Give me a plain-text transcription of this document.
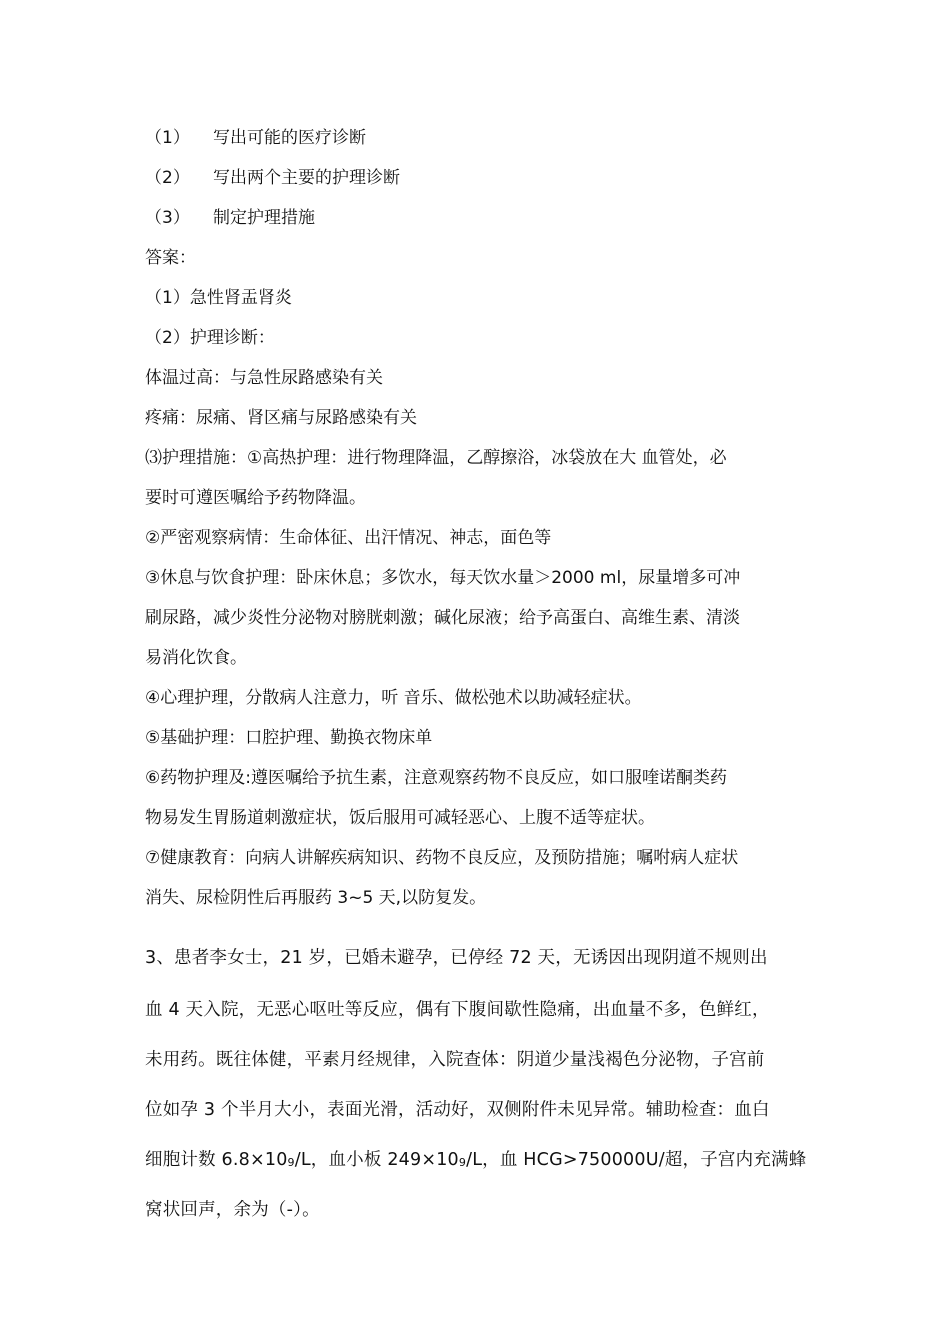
（1） 写出可能的医疗诊断
（2） 写出两个主要的护理诊断
（3） 制定护理措施
答案：
（1）急性肾盂肾炎
（2）护理诊断：
体温过高：与急性尿路感染有关
疼痛：尿痛、肾区痛与尿路感染有关
⑶护理措施：①高热护理：进行物理降温，乙醇擦浴，冰袋放在大 血管处，必
要时可遵医嘱给予药物降温。
②严密观察病情：生命体征、出汗情况、神志，面色等
③休息与饮食护理：卧床休息；多饮水，每天饮水量＞2000 ml，尿量增多可冲
刷尿路，减少炎性分泌物对膀胱刺激；碱化尿液；给予高蛋白、高维生素、清淡
易消化饮食。
④心理护理，分散病人注意力，听 音乐、做松弛术以助减轻症状。
⑤基础护理：口腔护理、勤换衣物床单
⑥药物护理及:遵医嘱给予抗生素，注意观察药物不良反应，如口服喹诺酮类药
物易发生胃肠道刺激症状，饭后服用可减轻恶心、上腹不适等症状。
⑦健康教育：向病人讲解疾病知识、药物不良反应，及预防措施；嘱咐病人症状
消失、尿检阴性后再服药 3~5 天,以防复发。
3、患者李女士，21 岁，已婚未避孕，已停经 72 天，无诱因出现阴道不规则出
血 4 天入院，无恶心呕吐等反应，偶有下腹间歇性隐痛，出血量不多，色鲜红，
未用药。既往体健，平素月经规律，入院查体：阴道少量浅褐色分泌物，子宫前
位如孕 3 个半月大小，表面光滑，活动好，双侧附件未见异常。辅助检查：血白
细胞计数 6.8×109/L，血小板 249×109/L，血 HCG>750000U/超，子宫内充满蜂
窝状回声，余为（-）。
